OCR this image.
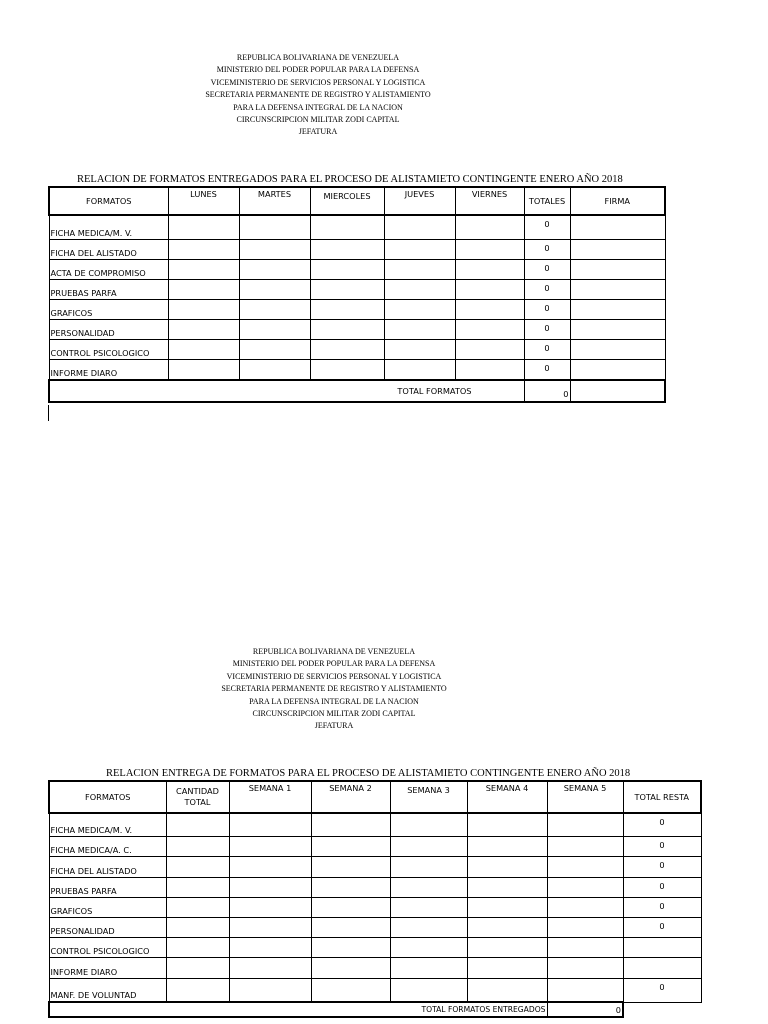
REPUBLICA BOLIVARIANA DE VENEZUELA
MINISTERIO DEL PODER POPULAR PARA LA DEFENSA
VICEMINISTERIO DE SERVICIOS PERSONAL Y LOGISTICA
SECRETARIA PERMANENTE DE REGISTRO Y ALISTAMIENTO
PARA LA DEFENSA INTEGRAL DE LA NACION
CIRCUNSCRIPCION MILITAR ZODI CAPITAL
JEFATURA
RELACION DE FORMATOS ENTREGADOS PARA EL PROCESO DE ALISTAMIETO CONTINGENTE ENERO AÑO 2018
FORMATOS	LUNES	MARTES	MIERCOLES	JUEVES	VIERNES	TOTALES	FIRMA
FICHA MEDICA/M. V.						0	
FICHA DEL ALISTADO						0	
ACTA DE COMPROMISO						0	
PRUEBAS PARFA						0	
GRAFICOS						0	
PERSONALIDAD						0	
CONTROL PSICOLOGICO						0	
INFORME DIARO						0	
TOTAL FORMATOS						0	
REPUBLICA BOLIVARIANA DE VENEZUELA
MINISTERIO DEL PODER POPULAR PARA LA DEFENSA
VICEMINISTERIO DE SERVICIOS PERSONAL Y LOGISTICA
SECRETARIA PERMANENTE DE REGISTRO Y ALISTAMIENTO
PARA LA DEFENSA INTEGRAL DE LA NACION
CIRCUNSCRIPCION MILITAR ZODI CAPITAL
JEFATURA
RELACION ENTREGA DE FORMATOS PARA EL PROCESO DE ALISTAMIETO CONTINGENTE ENERO AÑO 2018
FORMATOS	CANTIDAD TOTAL	SEMANA 1	SEMANA 2	SEMANA 3	SEMANA 4	SEMANA 5	TOTAL RESTA
FICHA MEDICA/M. V.							0
FICHA MEDICA/A. C.							0
FICHA DEL ALISTADO							0
PRUEBAS PARFA							0
GRAFICOS							0
PERSONALIDAD							0
CONTROL PSICOLOGICO							
INFORME DIARO							
MANF. DE VOLUNTAD							0
TOTAL FORMATOS ENTREGADOS						0	
